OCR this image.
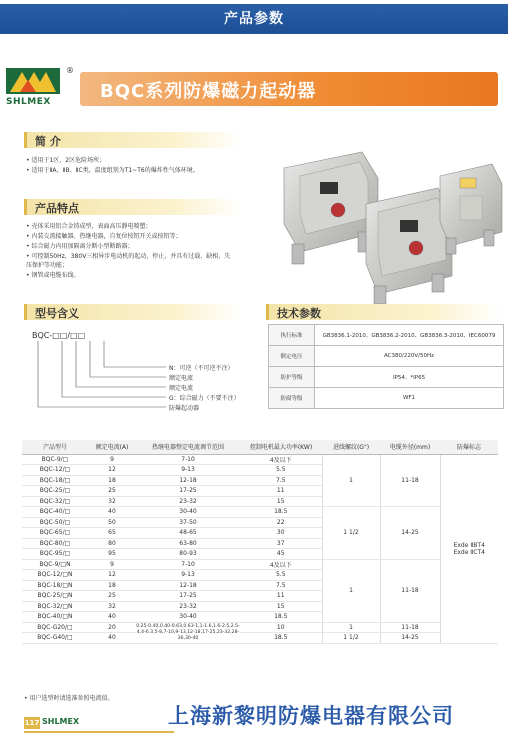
产品参数
®
SHLMEX	BQC系列防爆磁力起动器
简 介
• 适用于1区、2区危险场所；
• 适用于ⅡA、ⅡB、ⅡC类，温度组别为T1~T6的爆炸性气体环境。
产品特点
• 壳体采用铝合金铸成型，表面高压静电喷塑；
• 内装交流接触器、热继电器，自复位按钮开关或按钮等；
• 综合磁力内用加隔离分断小型断路器；
• 可控制50Hz，380V三相异步电动机的起动、停止，并具有过载、缺相、失
压保护等功能；
• 钢管或电缆布线。
型号含义
BQC-□□/□□
N：可逆（不可逆不注）
额定电流
额定电流
G：综合磁力（不要不注）
防爆起动器
技术参数
执行标准	GB3836.1-2010、GB3836.2-2010、GB3836.3-2010、IEC60079
额定电压	AC380/220V/50Hz
防护等级	IP54、*IP65
防腐等级	WF1
产品型号	额定电流(A)	热继电器整定电流调节范围	控制电机最大功率(KW)	进线螺纹(G")	电缆外径(mm)	防爆标志
BQC-9/□	9	7-10	4及以下	1	11-18	Exde ⅡBT4
Exde ⅡCT4
BQC-12/□	12	9-13	5.5			
BQC-18/□	18	12-18	7.5			
BQC-25/□	25	17-25	11			
BQC-32/□	32	23-32	15			
BQC-40/□	40	30-40	18.5	1 1/2	14-25	
BQC-50/□	50	37-50	22			
BQC-65/□	65	48-65	30			
BQC-80/□	80	63-80	37			
BQC-95/□	95	80-93	45			
BQC-9/□N	9	7-10	4及以下	1	11-18	
BQC-12/□N	12	9-13	5.5			
BQC-18/□N	18	12-18	7.5			
BQC-25/□N	25	17-25	11			
BQC-32/□N	32	23-32	15			
BQC-40/□N	40	30-40	18.5			
BQC-G20/□	20	0.25-0.40,0.40-0.63,0.63-1,1-1.6,1.6-2.5,2.5-4,4-6.3,5-8,7-10,9-13,12-18,17-25,23-32,28-36,30-40	10	1	11-18	
BQC-G40/□	40		18.5	1 1/2	14-25	
• 用户选型时请选准参照电流值。
117 SHLMEX	上海新黎明防爆电器有限公司
